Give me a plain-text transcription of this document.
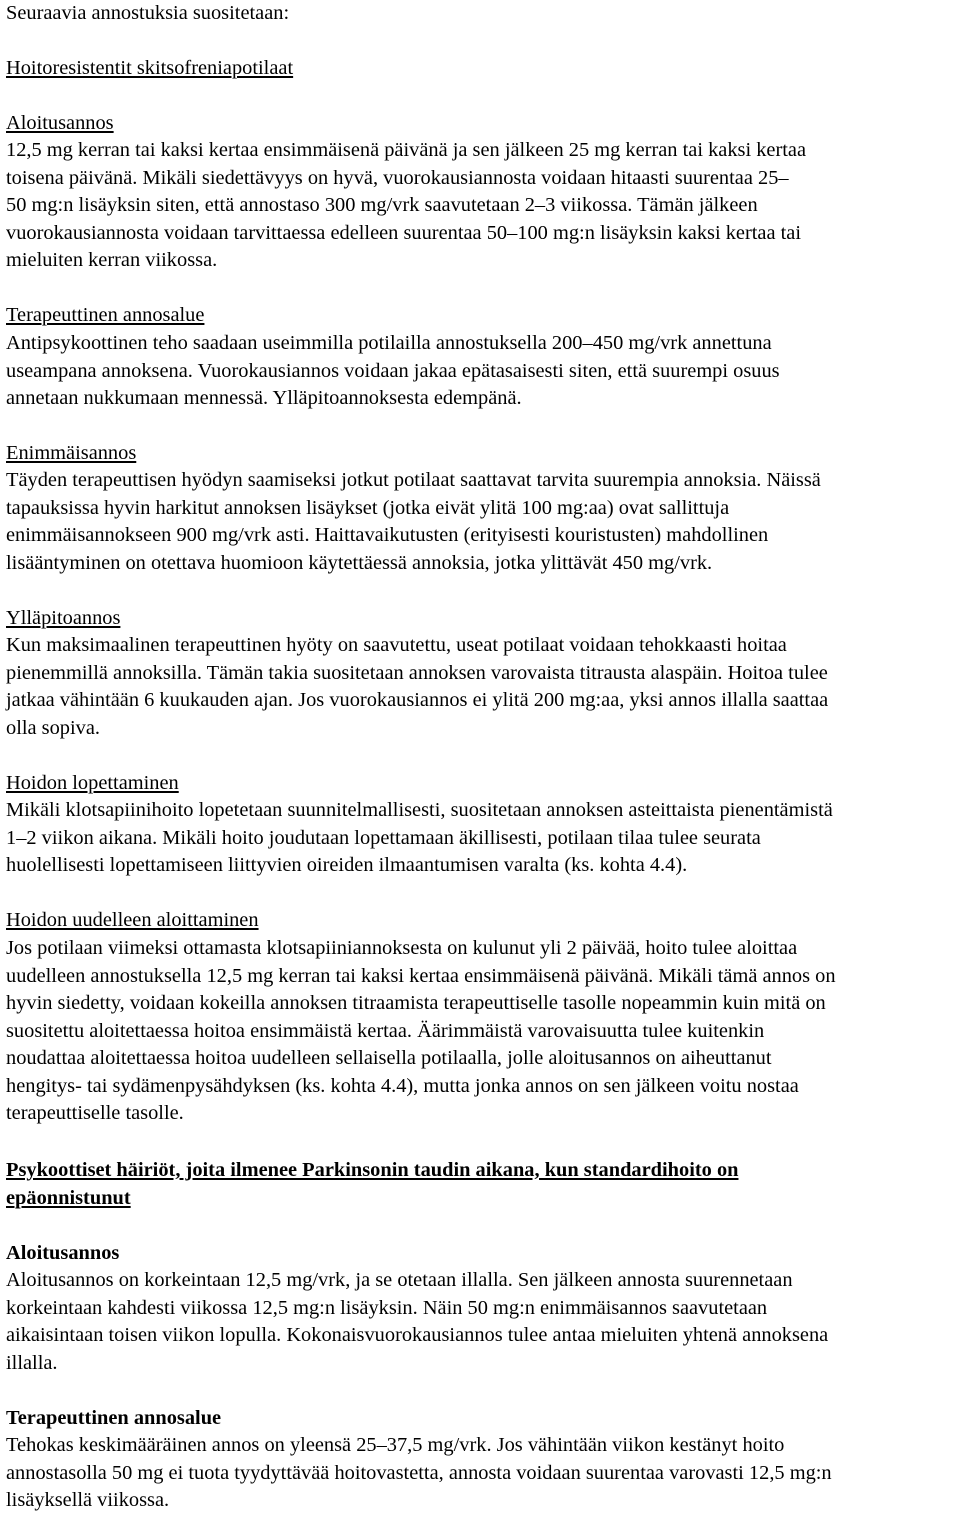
Seuraavia annostuksia suositetaan:

Hoitoresistentit skitsofreniapotilaat

Aloitusannos

12,5 mg kerran tai kaksi kertaa ensimmäisenä päivänä ja sen jälkeen 25 mg kerran tai kaksi kertaa
toisena päivänä. Mikäli siedettävyys on hyvä, vuorokausiannosta voidaan hitaasti suurentaa 25–
50 mg:n lisäyksin siten, että annostaso 300 mg/vrk saavutetaan 2–3 viikossa. Tämän jälkeen
vuorokausiannosta voidaan tarvittaessa edelleen suurentaa 50–100 mg:n lisäyksin kaksi kertaa tai
mieluiten kerran viikossa.

Terapeuttinen annosalue

Antipsykoottinen teho saadaan useimmilla potilailla annostuksella 200–450 mg/vrk annettuna
useampana annoksena. Vuorokausiannos voidaan jakaa epätasaisesti siten, että suurempi osuus
annetaan nukkumaan mennessä. Ylläpitoannoksesta edempänä.

Enimmäisannos

Täyden terapeuttisen hyödyn saamiseksi jotkut potilaat saattavat tarvita suurempia annoksia. Näissä
tapauksissa hyvin harkitut annoksen lisäykset (jotka eivät ylitä 100 mg:aa) ovat sallittuja
enimmäisannokseen 900 mg/vrk asti. Haittavaikutusten (erityisesti kouristusten) mahdollinen
lisääntyminen on otettava huomioon käytettäessä annoksia, jotka ylittävät 450 mg/vrk.

Ylläpitoannos

Kun maksimaalinen terapeuttinen hyöty on saavutettu, useat potilaat voidaan tehokkaasti hoitaa
pienemmillä annoksilla. Tämän takia suositetaan annoksen varovaista titrausta alaspäin. Hoitoa tulee
jatkaa vähintään 6 kuukauden ajan. Jos vuorokausiannos ei ylitä 200 mg:aa, yksi annos illalla saattaa
olla sopiva.

Hoidon lopettaminen

Mikäli klotsapiinihoito lopetetaan suunnitelmallisesti, suositetaan annoksen asteittaista pienentämistä
1–2 viikon aikana. Mikäli hoito joudutaan lopettamaan äkillisesti, potilaan tilaa tulee seurata
huolellisesti lopettamiseen liittyvien oireiden ilmaantumisen varalta (ks. kohta 4.4).

Hoidon uudelleen aloittaminen

Jos potilaan viimeksi ottamasta klotsapiiniannoksesta on kulunut yli 2 päivää, hoito tulee aloittaa
uudelleen annostuksella 12,5 mg kerran tai kaksi kertaa ensimmäisenä päivänä. Mikäli tämä annos on
hyvin siedetty, voidaan kokeilla annoksen titraamista terapeuttiselle tasolle nopeammin kuin mitä on
suositettu aloitettaessa hoitoa ensimmäistä kertaa. Äärimmäistä varovaisuutta tulee kuitenkin
noudattaa aloitettaessa hoitoa uudelleen sellaisella potilaalla, jolle aloitusannos on aiheuttanut
hengitys- tai sydämenpysähdyksen (ks. kohta 4.4), mutta jonka annos on sen jälkeen voitu nostaa
terapeuttiselle tasolle.
Psykoottiset häiriöt, joita ilmenee Parkinsonin taudin aikana, kun standardihoito on
epäonnistunut

Aloitusannos

Aloitusannos on korkeintaan 12,5 mg/vrk, ja se otetaan illalla. Sen jälkeen annosta suurennetaan
korkeintaan kahdesti viikossa 12,5 mg:n lisäyksin. Näin 50 mg:n enimmäisannos saavutetaan
aikaisintaan toisen viikon lopulla. Kokonaisvuorokausiannos tulee antaa mieluiten yhtenä annoksena
illalla.

Terapeuttinen annosalue

Tehokas keskimääräinen annos on yleensä 25–37,5 mg/vrk. Jos vähintään viikon kestänyt hoito
annostasolla 50 mg ei tuota tyydyttävää hoitovastetta, annosta voidaan suurentaa varovasti 12,5 mg:n
lisäyksellä viikossa.
